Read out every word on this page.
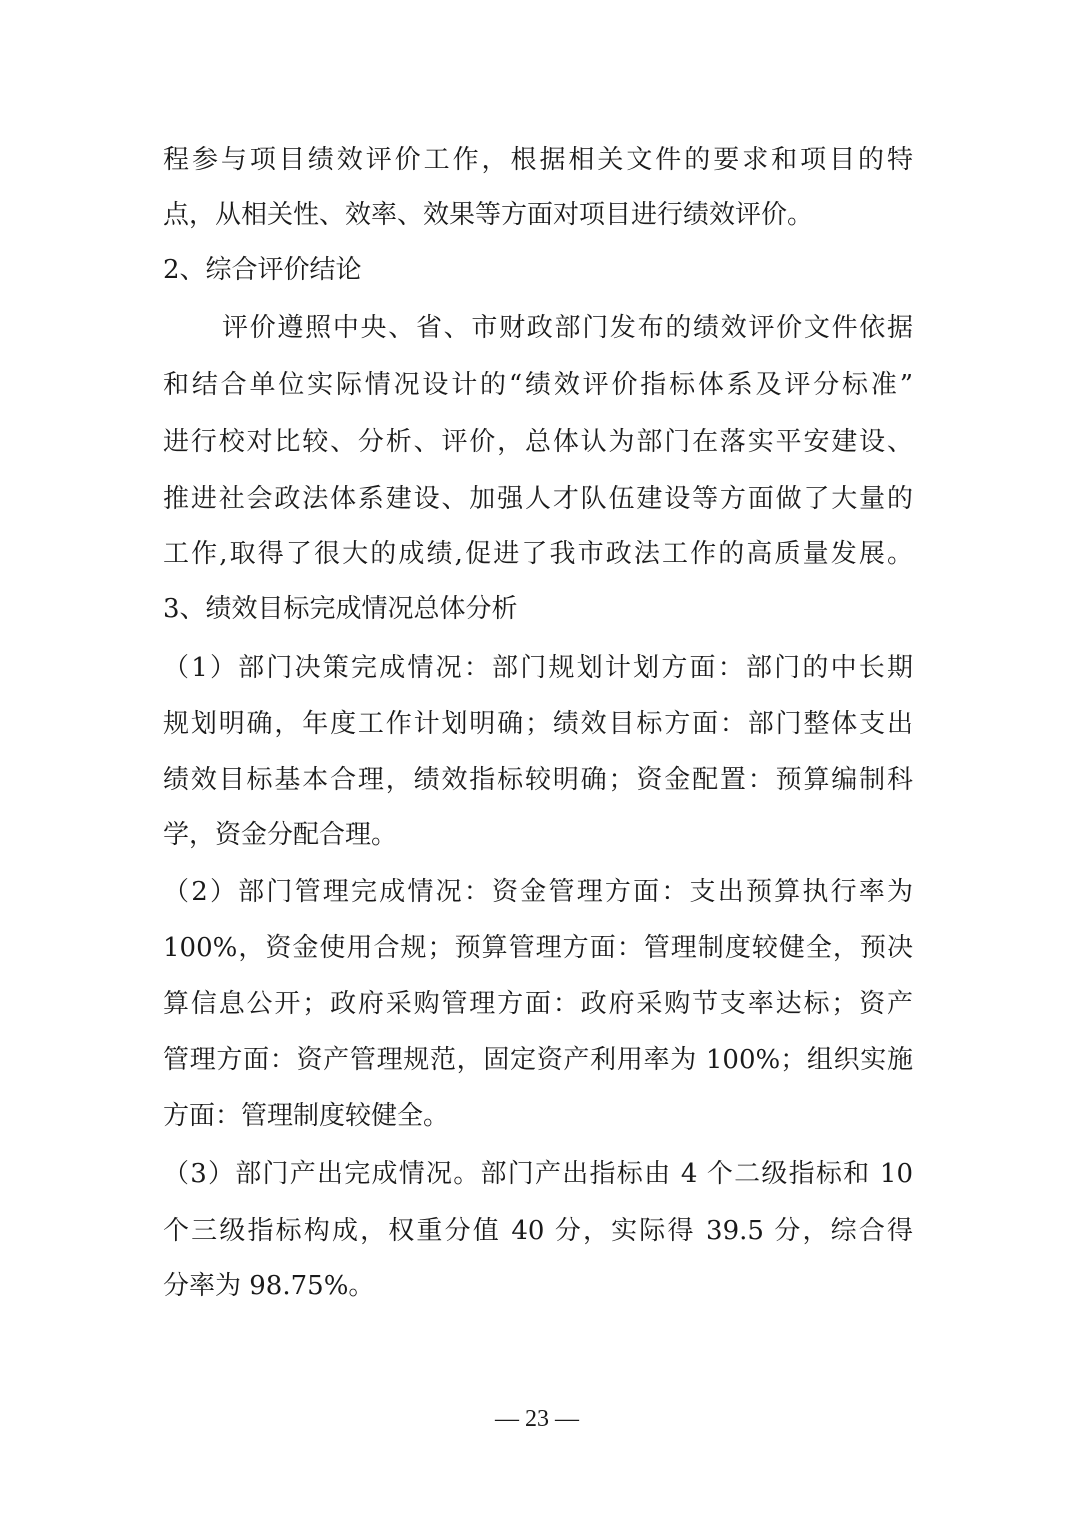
程参与项目绩效评价工作，根据相关文件的要求和项目的特
点，从相关性、效率、效果等方面对项目进行绩效评价。
2、综合评价结论
评价遵照中央、省、市财政部门发布的绩效评价文件依据
和结合单位实际情况设计的“绩效评价指标体系及评分标准”
进行校对比较、分析、评价，总体认为部门在落实平安建设、
推进社会政法体系建设、加强人才队伍建设等方面做了大量的
工作,取得了很大的成绩,促进了我市政法工作的高质量发展。
3、绩效目标完成情况总体分析
（1）部门决策完成情况：部门规划计划方面：部门的中长期
规划明确，年度工作计划明确；绩效目标方面：部门整体支出
绩效目标基本合理，绩效指标较明确；资金配置：预算编制科
学，资金分配合理。
（2）部门管理完成情况：资金管理方面：支出预算执行率为
100%，资金使用合规；预算管理方面：管理制度较健全，预决
算信息公开；政府采购管理方面：政府采购节支率达标；资产
管理方面：资产管理规范，固定资产利用率为 100%；组织实施
方面：管理制度较健全。
（3）部门产出完成情况。部门产出指标由 4 个二级指标和 10
个三级指标构成，权重分值 40 分，实际得 39.5 分，综合得
分率为 98.75%。
— 23 —
